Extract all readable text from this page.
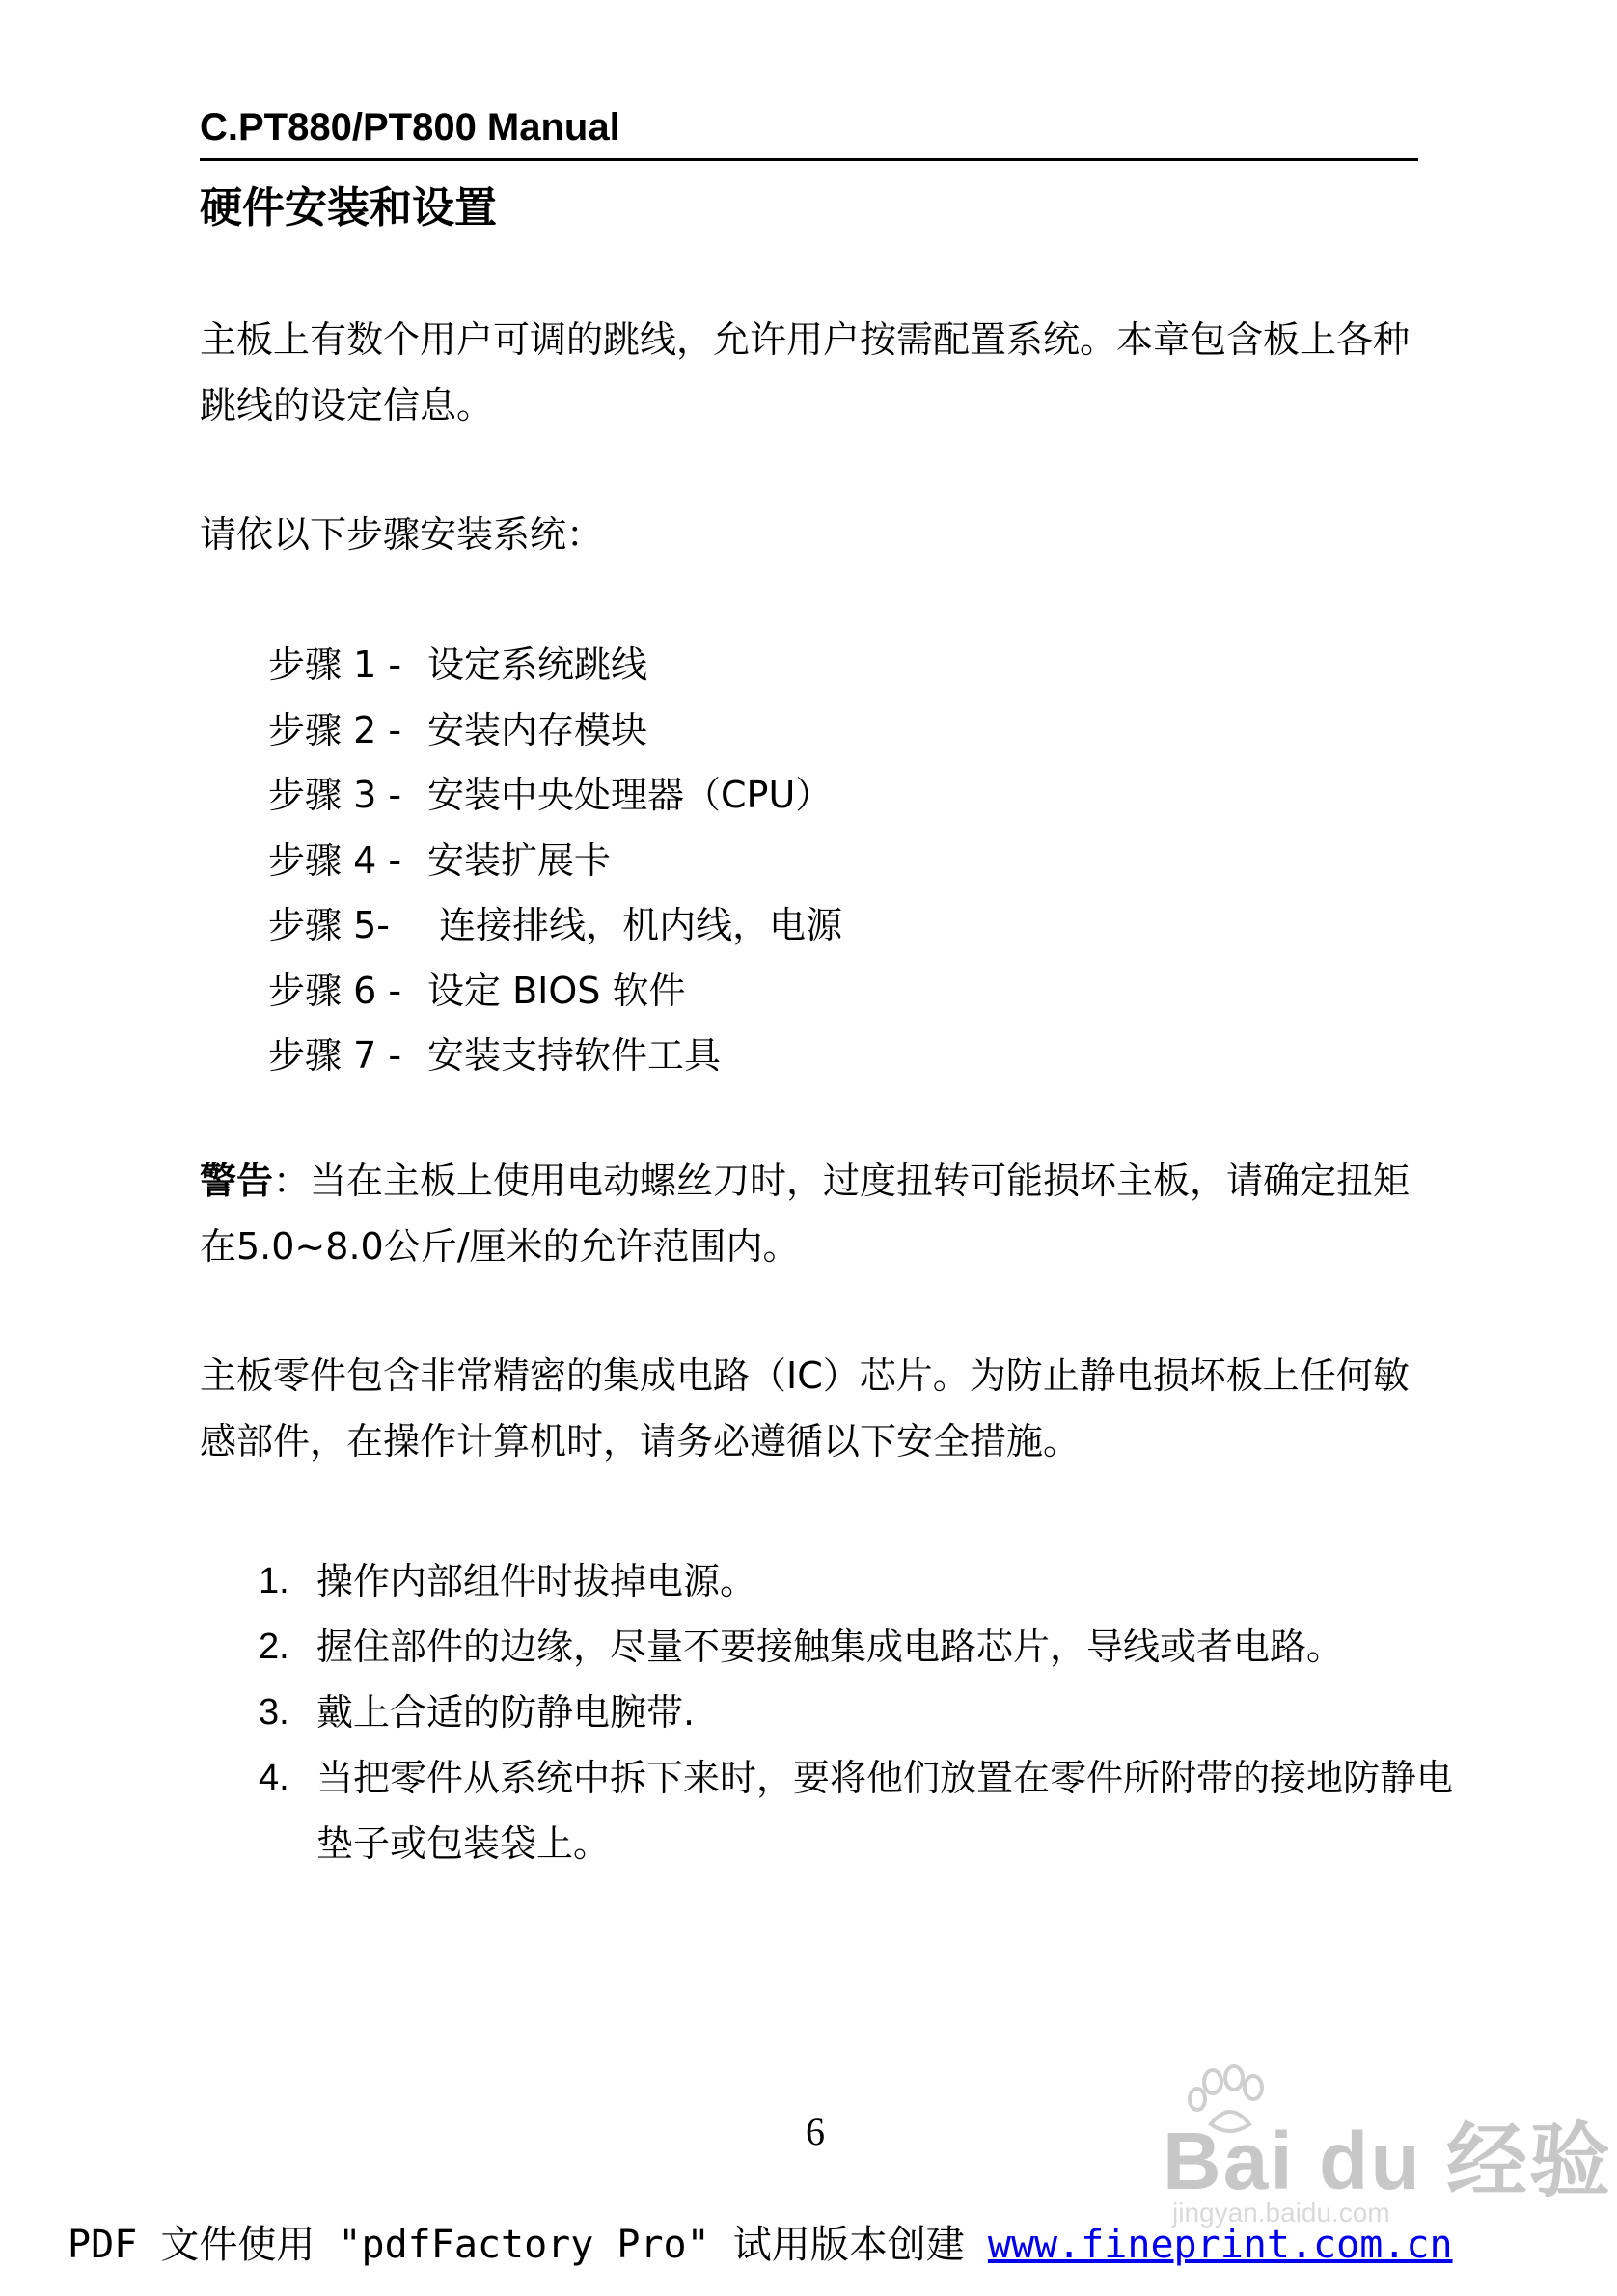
C.PT880/PT800 Manual
硬件安装和设置
主板上有数个用户可调的跳线，允许用户按需配置系统。本章包含板上各种跳线的设定信息。
请依以下步骤安装系统：
步骤 1 - 设定系统跳线
步骤 2 - 安装内存模块
步骤 3 - 安装中央处理器（CPU）
步骤 4 - 安装扩展卡
步骤 5- 连接排线，机内线，电源
步骤 6 - 设定 BIOS 软件
步骤 7 - 安装支持软件工具
警告：当在主板上使用电动螺丝刀时，过度扭转可能损坏主板，请确定扭矩在5.0~8.0公斤/厘米的允许范围内。
主板零件包含非常精密的集成电路（IC）芯片。为防止静电损坏板上任何敏感部件，在操作计算机时，请务必遵循以下安全措施。
1. 操作内部组件时拔掉电源。
2. 握住部件的边缘，尽量不要接触集成电路芯片，导线或者电路。
3. 戴上合适的防静电腕带.
4. 当把零件从系统中拆下来时，要将他们放置在零件所附带的接地防静电垫子或包装袋上。
6	Bai du 经验
jingyan.baidu.com
PDF 文件使用 "pdfFactory Pro" 试用版本创建 www.fineprint.com.cn
